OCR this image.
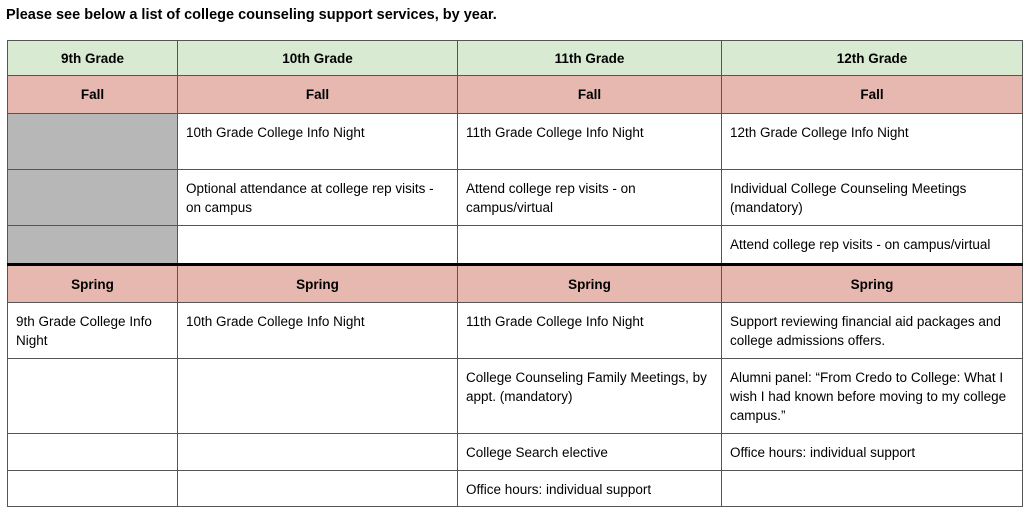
Please see below a list of college counseling support services, by year.
9th Grade	10th Grade	11th Grade	12th Grade
Fall	Fall	Fall	Fall
	10th Grade College Info Night	11th Grade College Info Night	12th Grade College Info Night
	Optional attendance at college rep visits - on campus	Attend college rep visits - on campus/virtual	Individual College Counseling Meetings (mandatory)
			Attend college rep visits - on campus/virtual
Spring	Spring	Spring	Spring
9th Grade College Info Night	10th Grade College Info Night	11th Grade College Info Night	Support reviewing financial aid packages and college admissions offers.
		College Counseling Family Meetings, by appt. (mandatory)	Alumni panel: “From Credo to College: What I wish I had known before moving to my college campus.”
		College Search elective	Office hours: individual support
		Office hours: individual support	
